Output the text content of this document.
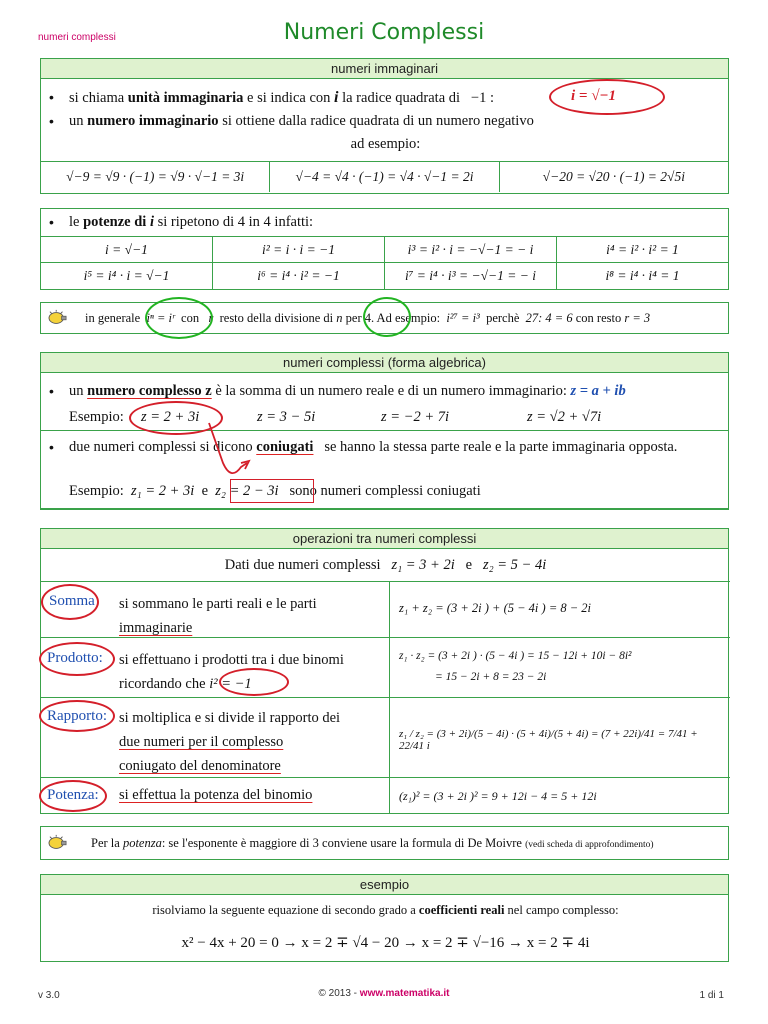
numeri complessi	Numeri Complessi
numeri immaginari
• si chiama unità immaginaria e si indica con i la radice quadrata di −1 :	i = √−1
• un numero immaginario si ottiene dalla radice quadrata di un numero negativo
ad esempio:
√−9 = √9 · (−1) = √9 · √−1 = 3i	√−4 = √4 · (−1) = √4 · √−1 = 2i	√−20 = √20 · (−1) = 2√5i
• le potenze di i si ripetono di 4 in 4 infatti:
i = √−1	i² = i · i = −1	i³ = i² · i = −√−1 = − i	i⁴ = i² · i² = 1
i⁵ = i⁴ · i = √−1	i⁶ = i⁴ · i² = −1	i⁷ = i⁴ · i³ = −√−1 = − i	i⁸ = i⁴ · i⁴ = 1
in generale iⁿ = iʳ con r resto della divisione di n per 4. Ad esempio: i²⁷ = i³ perchè 27: 4 = 6 con resto r = 3
numeri complessi (forma algebrica)
• un numero complesso z è la somma di un numero reale e di un numero immaginario: z = a + ib
Esempio: z = 2 + 3i	z = 3 − 5i	z = −2 + 7i	z = √2 + √7i
• due numeri complessi si dicono coniugati se hanno la stessa parte reale e la parte immaginaria opposta.
Esempio: z₁ = 2 + 3i e z₂ = 2 − 3i sono numeri complessi coniugati
operazioni tra numeri complessi
Dati due numeri complessi z₁ = 3 + 2i e z₂ = 5 − 4i
Somma si sommano le parti reali e le parti
immaginarie
z₁ + z₂ = (3 + 2i ) + (5 − 4i ) = 8 − 2i
Prodotto: si effettuano i prodotti tra i due binomi
ricordando che i² = −1
z₁ · z₂ = (3 + 2i ) · (5 − 4i ) = 15 − 12i + 10i − 8i²
= 15 − 2i + 8 = 23 − 2i
Rapporto: si moltiplica e si divide il rapporto dei
due numeri per il complesso
coniugato del denominatore
z₁ / z₂ = (3 + 2i)/(5 − 4i) · (5 + 4i)/(5 + 4i) = (7 + 22i)/41 = 7/41 + 22/41 i
Potenza: si effettua la potenza del binomio	(z₁)² = (3 + 2i )² = 9 + 12i − 4 = 5 + 12i
Per la potenza: se l'esponente è maggiore di 3 conviene usare la formula di De Moivre (vedi scheda di approfondimento)
esempio
risolviamo la seguente equazione di secondo grado a coefficienti reali nel campo complesso:
x² − 4x + 20 = 0 → x = 2 ∓ √4 − 20 → x = 2 ∓ √−16 → x = 2 ∓ 4i
v 3.0	© 2013 - www.matematika.it	1 di 1
